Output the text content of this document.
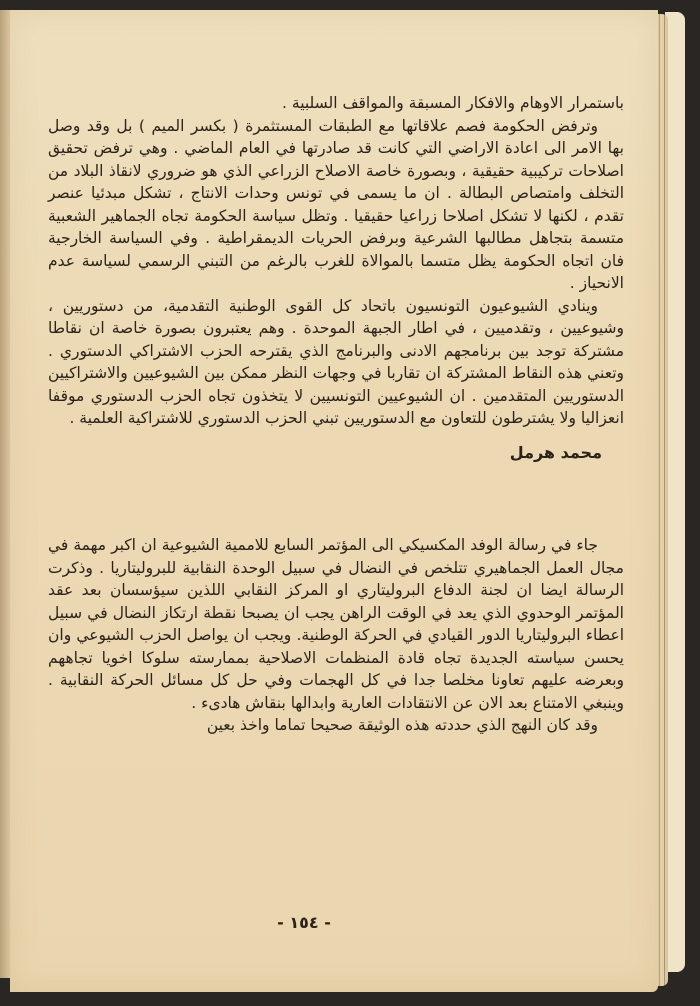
باستمرار الاوهام والافكار المسبقة والمواقف السلبية .

وترفض الحكومة فصم علاقاتها مع الطبقات المستثمرة ( بكسر الميم ) بل وقد وصل بها الامر الى اعادة الاراضي التي كانت قد صادرتها في العام الماضي . وهي ترفض تحقيق اصلاحات تركيبية حقيقية ، وبصورة خاصة الاصلاح الزراعي الذي هو ضروري لانقاذ البلاد من التخلف وامتصاص البطالة . ان ما يسمى في تونس وحدات الانتاج ، تشكل مبدئيا عنصر تقدم ، لكنها لا تشكل اصلاحا زراعيا حقيقيا . وتظل سياسة الحكومة تجاه الجماهير الشعبية متسمة بتجاهل مطالبها الشرعية وبرفض الحريات الديمقراطية . وفي السياسة الخارجية فان اتجاه الحكومة يظل متسما بالموالاة للغرب بالرغم من التبني الرسمي لسياسة عدم الانحياز .

وينادي الشيوعيون التونسيون باتحاد كل القوى الوطنية التقدمية، من دستوريين ، وشيوعيين ، وتقدميين ، في اطار الجبهة الموحدة . وهم يعتبرون بصورة خاصة ان نقاطا مشتركة توجد بين برنامجهم الادنى والبرنامج الذي يقترحه الحزب الاشتراكي الدستوري . وتعني هذه النقاط المشتركة ان تقاربا في وجهات النظر ممكن بين الشيوعيين والاشتراكيين الدستوريين المتقدمين . ان الشيوعيين التونسيين لا يتخذون تجاه الحزب الدستوري موقفا انعزاليا ولا يشترطون للتعاون مع الدستوريين تبني الحزب الدستوري للاشتراكية العلمية .

محمد هرمل

جاء في رسالة الوفد المكسيكي الى المؤتمر السابع للاممية الشيوعية ان اكبر مهمة في مجال العمل الجماهيري تتلخص في النضال في سبيل الوحدة النقابية للبروليتاريا . وذكرت الرسالة ايضا ان لجنة الدفاع البروليتاري او المركز النقابي اللذين سيؤسسان بعد عقد المؤتمر الوحدوي الذي يعد في الوقت الراهن يجب ان يصبحا نقطة ارتكاز النضال في سبيل اعطاء البروليتاريا الدور القيادي في الحركة الوطنية. ويجب ان يواصل الحزب الشيوعي وان يحسن سياسته الجديدة تجاه قادة المنظمات الاصلاحية بممارسته سلوكا اخويا تجاههم وبعرضه عليهم تعاونا مخلصا جدا في كل الهجمات وفي حل كل مسائل الحركة النقابية . وينبغي الامتناع بعد الان عن الانتقادات العارية وابدالها بنقاش هادىء .

وقد كان النهج الذي حددته هذه الوثيقة صحيحا تماما واخذ بعين

- ١٥٤ -
